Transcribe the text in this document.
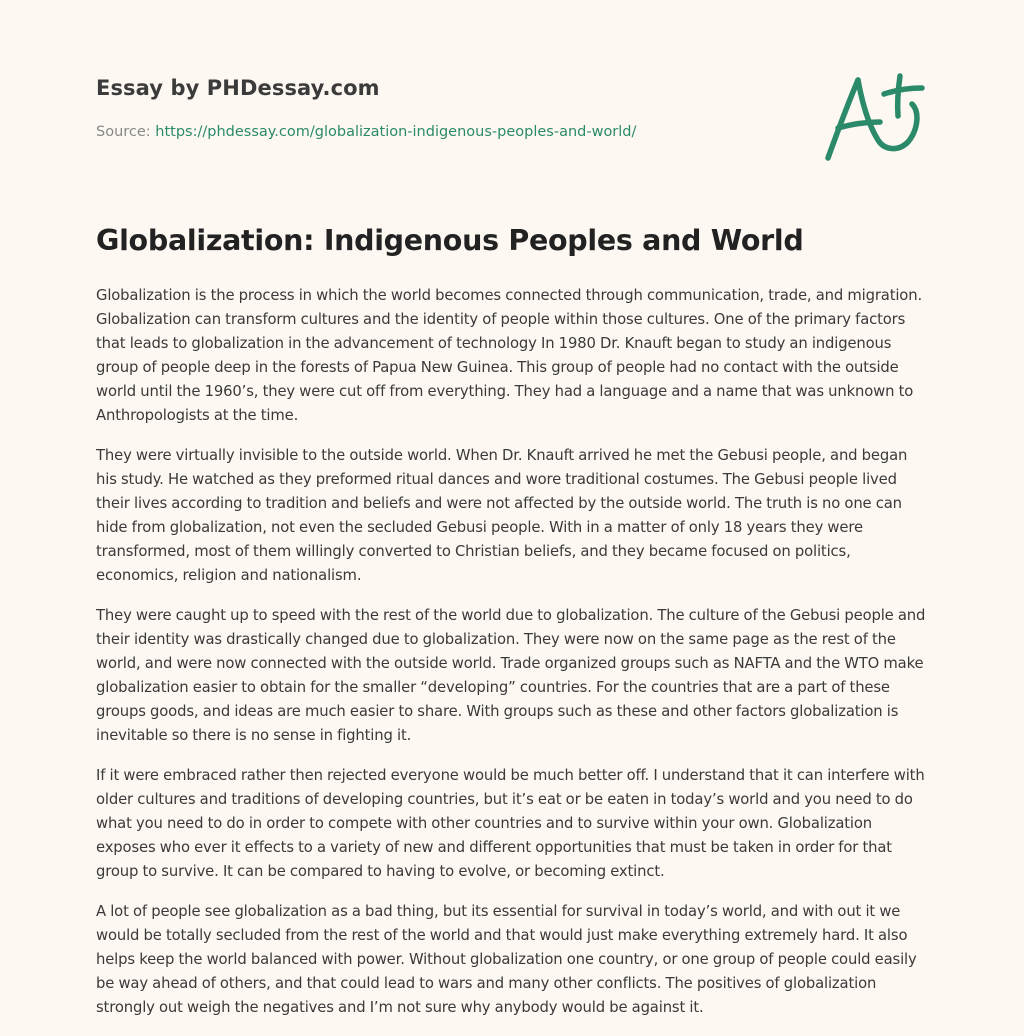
Essay by PHDessay.com
Source: https://phdessay.com/globalization-indigenous-peoples-and-world/
Globalization: Indigenous Peoples and World

Globalization is the process in which the world becomes connected through communication, trade, and migration. Globalization can transform cultures and the identity of people within those cultures. One of the primary factors that leads to globalization in the advancement of technology In 1980 Dr. Knauft began to study an indigenous group of people deep in the forests of Papua New Guinea. This group of people had no contact with the outside world until the 1960’s, they were cut off from everything. They had a language and a name that was unknown to Anthropologists at the time.

They were virtually invisible to the outside world. When Dr. Knauft arrived he met the Gebusi people, and began his study. He watched as they preformed ritual dances and wore traditional costumes. The Gebusi people lived their lives according to tradition and beliefs and were not affected by the outside world. The truth is no one can hide from globalization, not even the secluded Gebusi people. With in a matter of only 18 years they were transformed, most of them willingly converted to Christian beliefs, and they became focused on politics, economics, religion and nationalism.

They were caught up to speed with the rest of the world due to globalization. The culture of the Gebusi people and their identity was drastically changed due to globalization. They were now on the same page as the rest of the world, and were now connected with the outside world. Trade organized groups such as NAFTA and the WTO make globalization easier to obtain for the smaller “developing” countries. For the countries that are a part of these groups goods, and ideas are much easier to share. With groups such as these and other factors globalization is inevitable so there is no sense in fighting it.

If it were embraced rather then rejected everyone would be much better off. I understand that it can interfere with older cultures and traditions of developing countries, but it’s eat or be eaten in today’s world and you need to do what you need to do in order to compete with other countries and to survive within your own. Globalization exposes who ever it effects to a variety of new and different opportunities that must be taken in order for that group to survive. It can be compared to having to evolve, or becoming extinct.

A lot of people see globalization as a bad thing, but its essential for survival in today’s world, and with out it we would be totally secluded from the rest of the world and that would just make everything extremely hard. It also helps keep the world balanced with power. Without globalization one country, or one group of people could easily be way ahead of others, and that could lead to wars and many other conflicts. The positives of globalization strongly out weigh the negatives and I’m not sure why anybody would be against it.
